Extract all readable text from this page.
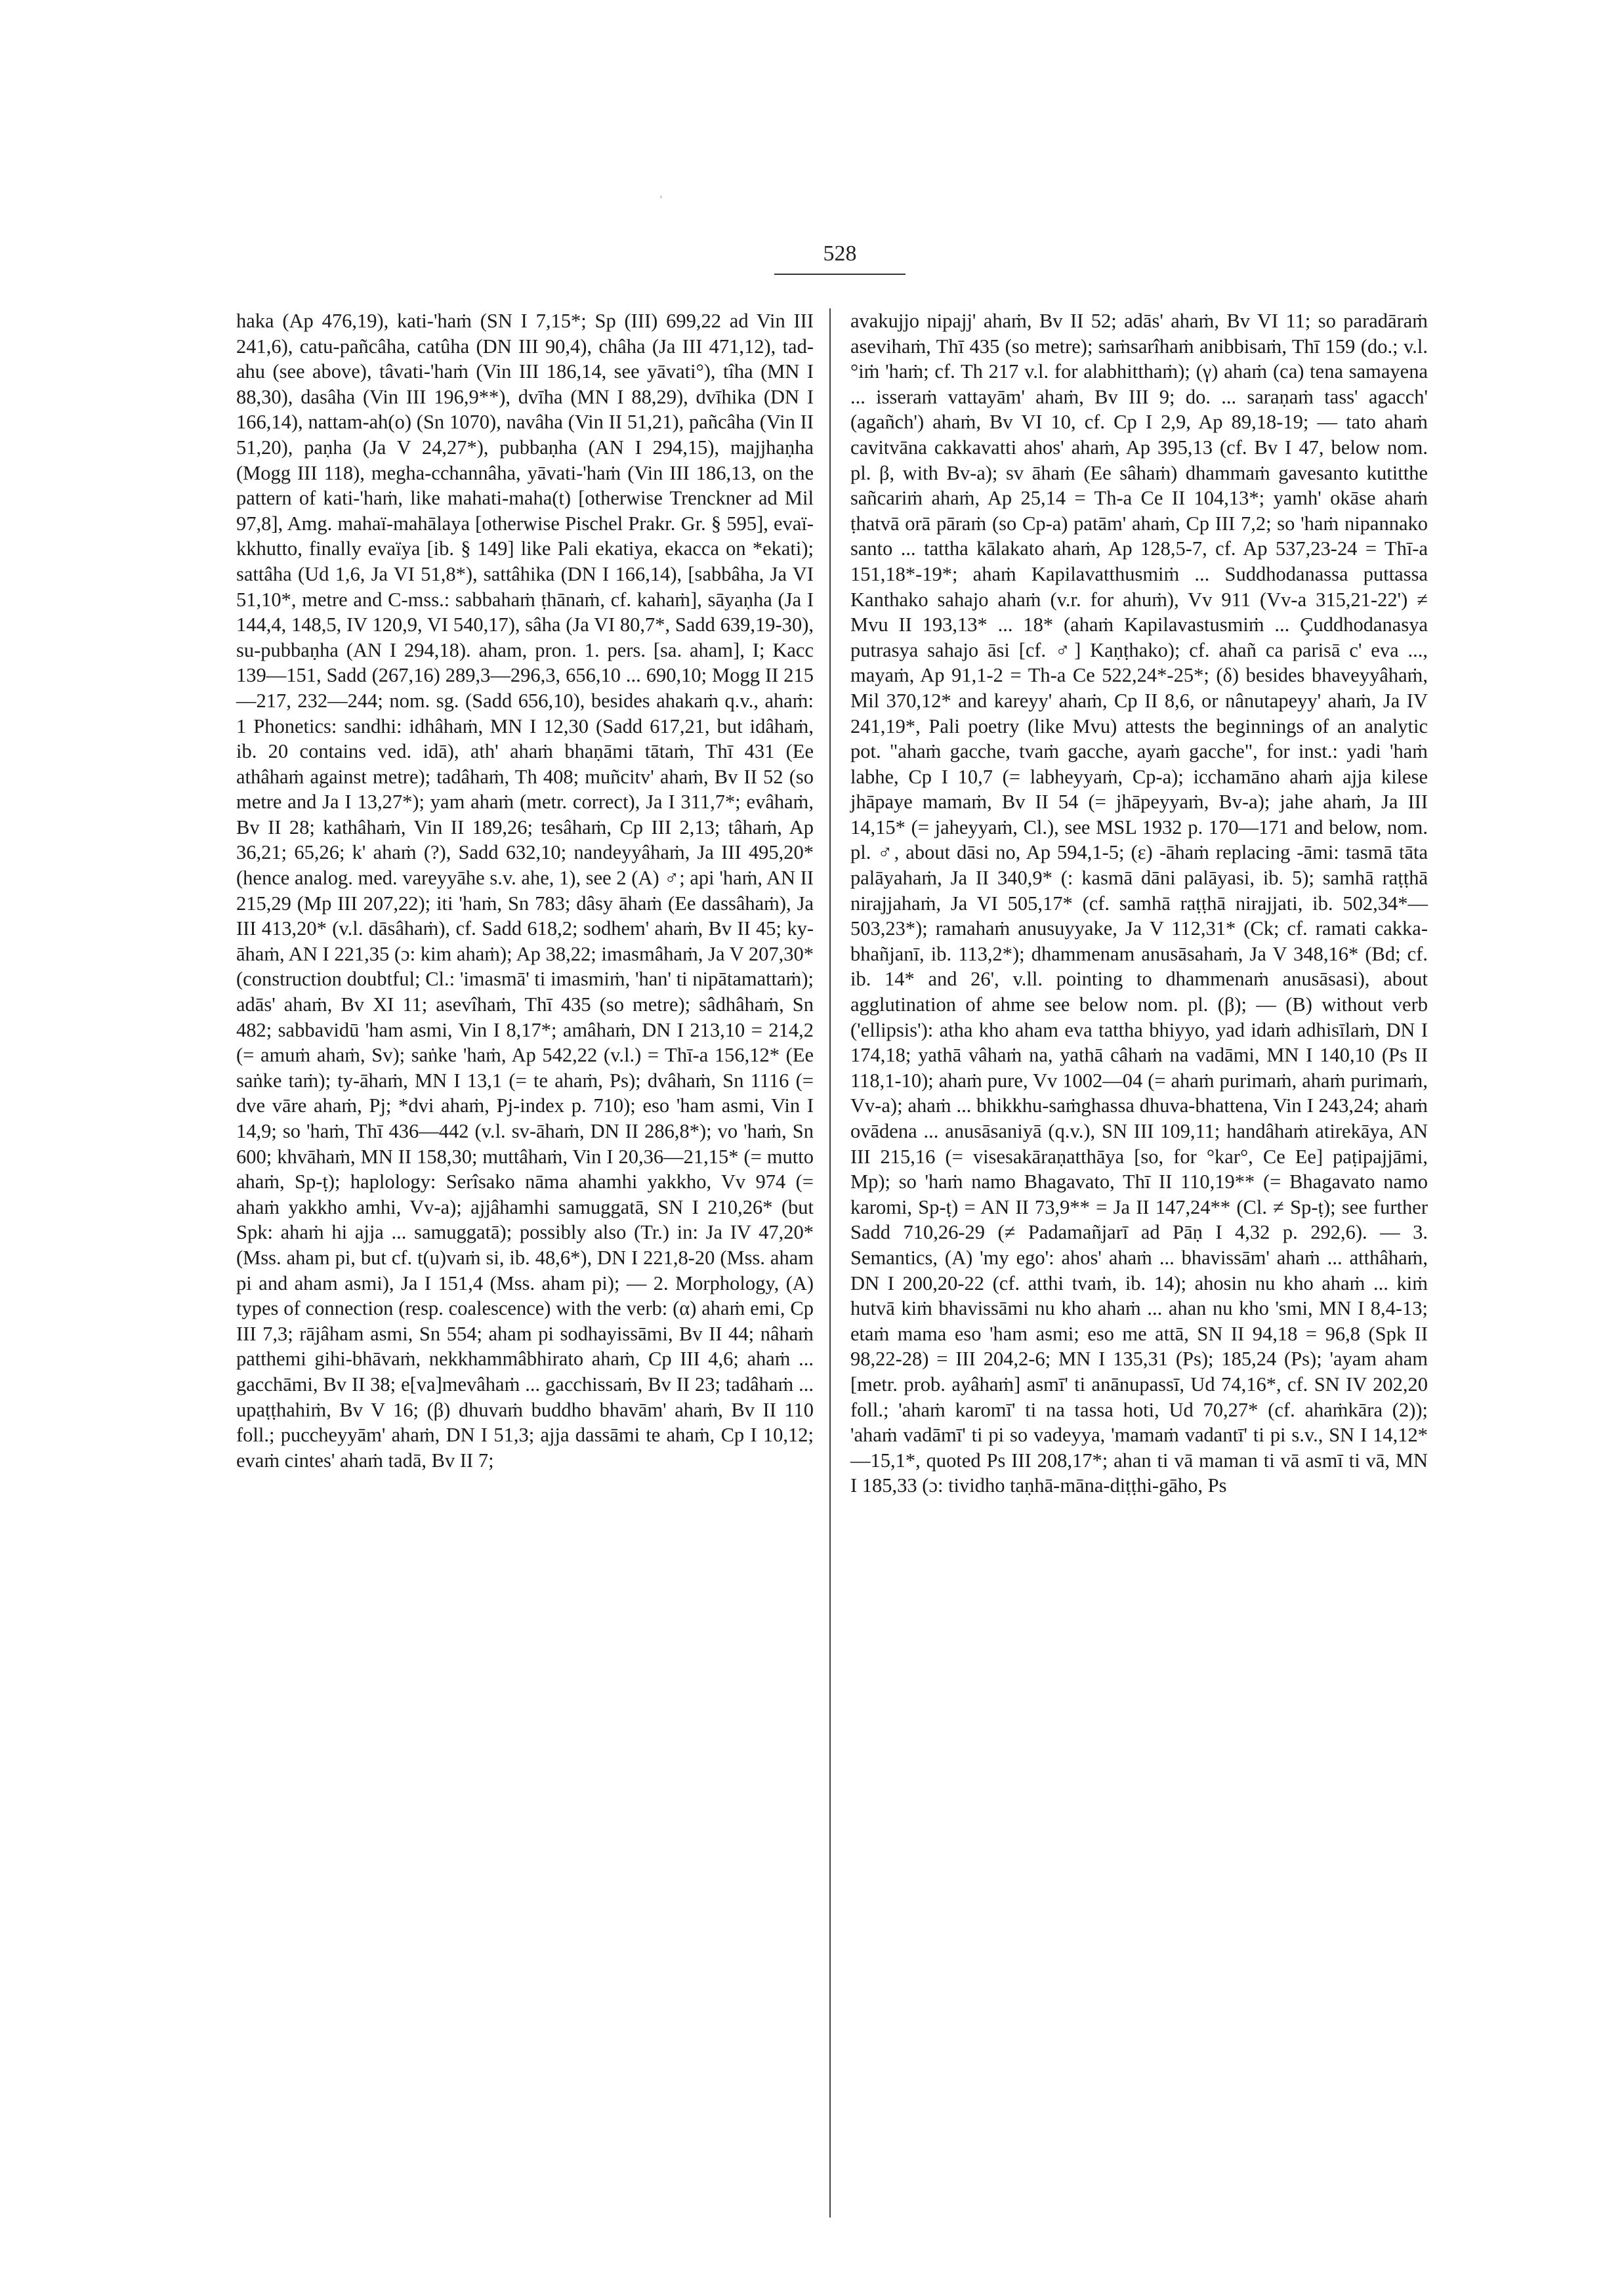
'
528

haka (Ap 476,19), kati-'haṁ (SN I 7,15*; Sp (III) 699,22 ad Vin III 241,6), catu-pañcâha, catûha (DN III 90,4), châha (Ja III 471,12), tad-ahu (see above), tâvati-'haṁ (Vin III 186,14, see yāvati°), tîha (MN I 88,30), dasâha (Vin III 196,9**), dvīha (MN I 88,29), dvīhika (DN I 166,14), nattam-ah(o) (Sn 1070), navâha (Vin II 51,21), pañcâha (Vin II 51,20), paṇha (Ja V 24,27*), pubbaṇha (AN I 294,15), majjhaṇha (Mogg III 118), megha-cchannâha, yāvati-'haṁ (Vin III 186,13, on the pattern of kati-'haṁ, like mahati-maha(t) [otherwise Trenckner ad Mil 97,8], Amg. mahaï-mahālaya [otherwise Pischel Prakr. Gr. § 595], evaï-kkhutto, finally evaïya [ib. § 149] like Pali ekatiya, ekacca on *ekati); sattâha (Ud 1,6, Ja VI 51,8*), sattâhika (DN I 166,14), [sabbâha, Ja VI 51,10*, metre and C-mss.: sabbahaṁ ṭhānaṁ, cf. kahaṁ], sāyaṇha (Ja I 144,4, 148,5, IV 120,9, VI 540,17), sâha (Ja VI 80,7*, Sadd 639,19-30), su-pubbaṇha (AN I 294,18). aham, pron. 1. pers. [sa. aham], I; Kacc 139—151, Sadd (267,16) 289,3—296,3, 656,10 ... 690,10; Mogg II 215—217, 232—244; nom. sg. (Sadd 656,10), besides ahakaṁ q.v., ahaṁ: 1 Phonetics: sandhi: idhâhaṁ, MN I 12,30 (Sadd 617,21, but idâhaṁ, ib. 20 contains ved. idā), ath' ahaṁ bhaṇāmi tātaṁ, Thī 431 (Ee athâhaṁ against metre); tadâhaṁ, Th 408; muñcitv' ahaṁ, Bv II 52 (so metre and Ja I 13,27*); yam ahaṁ (metr. correct), Ja I 311,7*; evâhaṁ, Bv II 28; kathâhaṁ, Vin II 189,26; tesâhaṁ, Cp III 2,13; tâhaṁ, Ap 36,21; 65,26; k' ahaṁ (?), Sadd 632,10; nandeyyâhaṁ, Ja III 495,20* (hence analog. med. vareyyāhe s.v. ahe, 1), see 2 (A) ♂; api 'haṁ, AN II 215,29 (Mp III 207,22); iti 'haṁ, Sn 783; dâsy āhaṁ (Ee dassâhaṁ), Ja III 413,20* (v.l. dāsâhaṁ), cf. Sadd 618,2; sodhem' ahaṁ, Bv II 45; ky-āhaṁ, AN I 221,35 (ɔ: kim ahaṁ); Ap 38,22; imasmâhaṁ, Ja V 207,30* (construction doubtful; Cl.: 'imasmā' ti imasmiṁ, 'han' ti nipātamattaṁ); adās' ahaṁ, Bv XI 11; asevîhaṁ, Thī 435 (so metre); sâdhâhaṁ, Sn 482; sabbavidū 'ham asmi, Vin I 8,17*; amâhaṁ, DN I 213,10 = 214,2 (= amuṁ ahaṁ, Sv); saṅke 'haṁ, Ap 542,22 (v.l.) = Thī-a 156,12* (Ee saṅke taṁ); ty-āhaṁ, MN I 13,1 (= te ahaṁ, Ps); dvâhaṁ, Sn 1116 (= dve vāre ahaṁ, Pj; *dvi ahaṁ, Pj-index p. 710); eso 'ham asmi, Vin I 14,9; so 'haṁ, Thī 436—442 (v.l. sv-āhaṁ, DN II 286,8*); vo 'haṁ, Sn 600; khvāhaṁ, MN II 158,30; muttâhaṁ, Vin I 20,36—21,15* (= mutto ahaṁ, Sp-ṭ); haplology: Serîsako nāma ahamhi yakkho, Vv 974 (= ahaṁ yakkho amhi, Vv-a); ajjâhamhi samuggatā, SN I 210,26* (but Spk: ahaṁ hi ajja ... samuggatā); possibly also (Tr.) in: Ja IV 47,20* (Mss. aham pi, but cf. t(u)vaṁ si, ib. 48,6*), DN I 221,8-20 (Mss. aham pi and aham asmi), Ja I 151,4 (Mss. aham pi); — 2. Morphology, (A) types of connection (resp. coalescence) with the verb: (α) ahaṁ emi, Cp III 7,3; rājâham asmi, Sn 554; aham pi sodhayissāmi, Bv II 44; nâhaṁ patthemi gihi-bhāvaṁ, nekkhammâbhirato ahaṁ, Cp III 4,6; ahaṁ ... gacchāmi, Bv II 38; e[va]mevâhaṁ ... gacchissaṁ, Bv II 23; tadâhaṁ ... upaṭṭhahiṁ, Bv V 16; (β) dhuvaṁ buddho bhavām' ahaṁ, Bv II 110 foll.; puccheyyām' ahaṁ, DN I 51,3; ajja dassāmi te ahaṁ, Cp I 10,12; evaṁ cintes' ahaṁ tadā, Bv II 7;

avakujjo nipajj' ahaṁ, Bv II 52; adās' ahaṁ, Bv VI 11; so paradāraṁ asevihaṁ, Thī 435 (so metre); saṁsarîhaṁ anibbisaṁ, Thī 159 (do.; v.l. °iṁ 'haṁ; cf. Th 217 v.l. for alabhitthaṁ); (γ) ahaṁ (ca) tena samayena ... isseraṁ vattayām' ahaṁ, Bv III 9; do. ... saraṇaṁ tass' agacch' (agañch') ahaṁ, Bv VI 10, cf. Cp I 2,9, Ap 89,18-19; — tato ahaṁ cavitvāna cakkavatti ahos' ahaṁ, Ap 395,13 (cf. Bv I 47, below nom. pl. β, with Bv-a); sv āhaṁ (Ee sâhaṁ) dhammaṁ gavesanto kutitthe sañcariṁ ahaṁ, Ap 25,14 = Th-a Ce II 104,13*; yamh' okāse ahaṁ ṭhatvā orā pāraṁ (so Cp-a) patām' ahaṁ, Cp III 7,2; so 'haṁ nipannako santo ... tattha kālakato ahaṁ, Ap 128,5-7, cf. Ap 537,23-24 = Thī-a 151,18*-19*; ahaṁ Kapilavatthusmiṁ ... Suddhodanassa puttassa Kanthako sahajo ahaṁ (v.r. for ahuṁ), Vv 911 (Vv-a 315,21-22') ≠ Mvu II 193,13* ... 18* (ahaṁ Kapilavastusmiṁ ... Çuddhodanasya putrasya sahajo āsi [cf. ♂] Kaṇṭhako); cf. ahañ ca parisā c' eva ..., mayaṁ, Ap 91,1-2 = Th-a Ce 522,24*-25*; (δ) besides bhaveyyâhaṁ, Mil 370,12* and kareyy' ahaṁ, Cp II 8,6, or nânutapeyy' ahaṁ, Ja IV 241,19*, Pali poetry (like Mvu) attests the beginnings of an analytic pot. "ahaṁ gacche, tvaṁ gacche, ayaṁ gacche", for inst.: yadi 'haṁ labhe, Cp I 10,7 (= labheyyaṁ, Cp-a); icchamāno ahaṁ ajja kilese jhāpaye mamaṁ, Bv II 54 (= jhāpeyyaṁ, Bv-a); jahe ahaṁ, Ja III 14,15* (= jaheyyaṁ, Cl.), see MSL 1932 p. 170—171 and below, nom. pl. ♂, about dāsi no, Ap 594,1-5; (ε) -āhaṁ replacing -āmi: tasmā tāta palāyahaṁ, Ja II 340,9* (: kasmā dāni palāyasi, ib. 5); samhā raṭṭhā nirajjahaṁ, Ja VI 505,17* (cf. samhā raṭṭhā nirajjati, ib. 502,34*—503,23*); ramahaṁ anusuyyake, Ja V 112,31* (Ck; cf. ramati cakka-bhañjanī, ib. 113,2*); dhammenam anusāsahaṁ, Ja V 348,16* (Bd; cf. ib. 14* and 26', v.ll. pointing to dhammenaṁ anusāsasi), about agglutination of ahme see below nom. pl. (β); — (B) without verb ('ellipsis'): atha kho aham eva tattha bhiyyo, yad idaṁ adhisīlaṁ, DN I 174,18; yathā vâhaṁ na, yathā câhaṁ na vadāmi, MN I 140,10 (Ps II 118,1-10); ahaṁ pure, Vv 1002—04 (= ahaṁ purimaṁ, ahaṁ purimaṁ, Vv-a); ahaṁ ... bhikkhu-saṁghassa dhuva-bhattena, Vin I 243,24; ahaṁ ovādena ... anusāsaniyā (q.v.), SN III 109,11; handâhaṁ atirekāya, AN III 215,16 (= visesakāraṇatthāya [so, for °kar°, Ce Ee] paṭipajjāmi, Mp); so 'haṁ namo Bhagavato, Thī II 110,19** (= Bhagavato namo karomi, Sp-ṭ) = AN II 73,9** = Ja II 147,24** (Cl. ≠ Sp-ṭ); see further Sadd 710,26-29 (≠ Padamañjarī ad Pāṇ I 4,32 p. 292,6). — 3. Semantics, (A) 'my ego': ahos' ahaṁ ... bhavissām' ahaṁ ... atthâhaṁ, DN I 200,20-22 (cf. atthi tvaṁ, ib. 14); ahosin nu kho ahaṁ ... kiṁ hutvā kiṁ bhavissāmi nu kho ahaṁ ... ahan nu kho 'smi, MN I 8,4-13; etaṁ mama eso 'ham asmi; eso me attā, SN II 94,18 = 96,8 (Spk II 98,22-28) = III 204,2-6; MN I 135,31 (Ps); 185,24 (Ps); 'ayam aham [metr. prob. ayâhaṁ] asmī' ti anānupassī, Ud 74,16*, cf. SN IV 202,20 foll.; 'ahaṁ karomī' ti na tassa hoti, Ud 70,27* (cf. ahaṁkāra (2)); 'ahaṁ vadāmī' ti pi so vadeyya, 'mamaṁ vadantī' ti pi s.v., SN I 14,12*—15,1*, quoted Ps III 208,17*; ahan ti vā maman ti vā asmī ti vā, MN I 185,33 (ɔ: tividho taṇhā-māna-diṭṭhi-gāho, Ps
